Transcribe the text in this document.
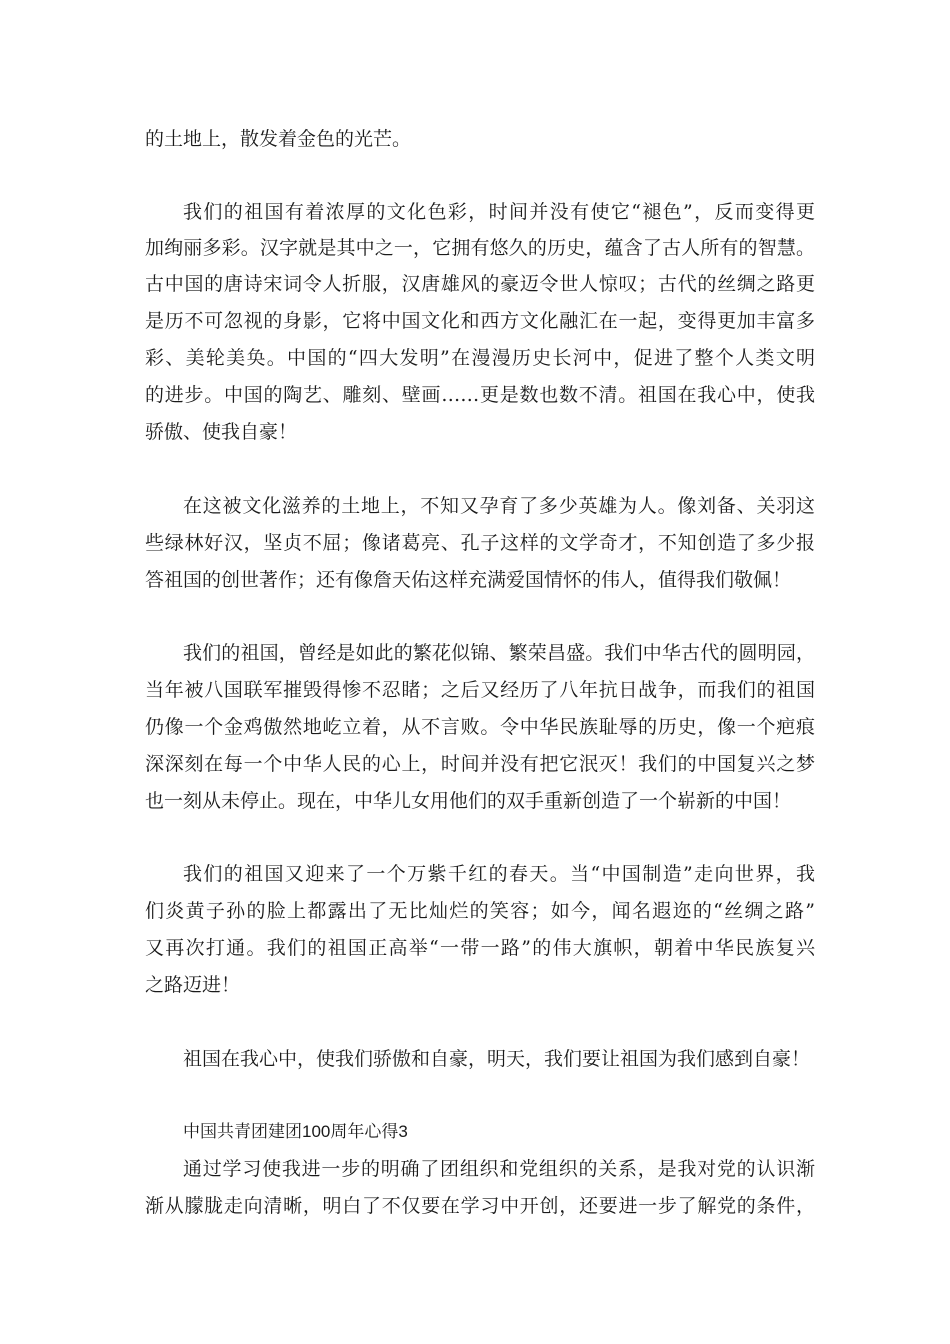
的土地上，散发着金色的光芒。

我们的祖国有着浓厚的文化色彩，时间并没有使它“褪色”，反而变得更

加绚丽多彩。汉字就是其中之一，它拥有悠久的历史，蕴含了古人所有的智慧。

古中国的唐诗宋词令人折服，汉唐雄风的豪迈令世人惊叹；古代的丝绸之路更

是历不可忽视的身影，它将中国文化和西方文化融汇在一起，变得更加丰富多

彩、美轮美奂。中国的“四大发明”在漫漫历史长河中，促进了整个人类文明

的进步。中国的陶艺、雕刻、壁画……更是数也数不清。祖国在我心中，使我

骄傲、使我自豪！

在这被文化滋养的土地上，不知又孕育了多少英雄为人。像刘备、关羽这

些绿林好汉，坚贞不屈；像诸葛亮、孔子这样的文学奇才，不知创造了多少报

答祖国的创世著作；还有像詹天佑这样充满爱国情怀的伟人，值得我们敬佩！

我们的祖国，曾经是如此的繁花似锦、繁荣昌盛。我们中华古代的圆明园，

当年被八国联军摧毁得惨不忍睹；之后又经历了八年抗日战争，而我们的祖国

仍像一个金鸡傲然地屹立着，从不言败。令中华民族耻辱的历史，像一个疤痕

深深刻在每一个中华人民的心上，时间并没有把它泯灭！我们的中国复兴之梦

也一刻从未停止。现在，中华儿女用他们的双手重新创造了一个崭新的中国！

我们的祖国又迎来了一个万紫千红的春天。当“中国制造”走向世界，我

们炎黄子孙的脸上都露出了无比灿烂的笑容；如今，闻名遐迩的“丝绸之路”

又再次打通。我们的祖国正高举“一带一路”的伟大旗帜，朝着中华民族复兴

之路迈进！

祖国在我心中，使我们骄傲和自豪，明天，我们要让祖国为我们感到自豪！

中国共青团建团100周年心得3

通过学习使我进一步的明确了团组织和党组织的关系，是我对党的认识渐

渐从朦胧走向清晰，明白了不仅要在学习中开创，还要进一步了解党的条件，
